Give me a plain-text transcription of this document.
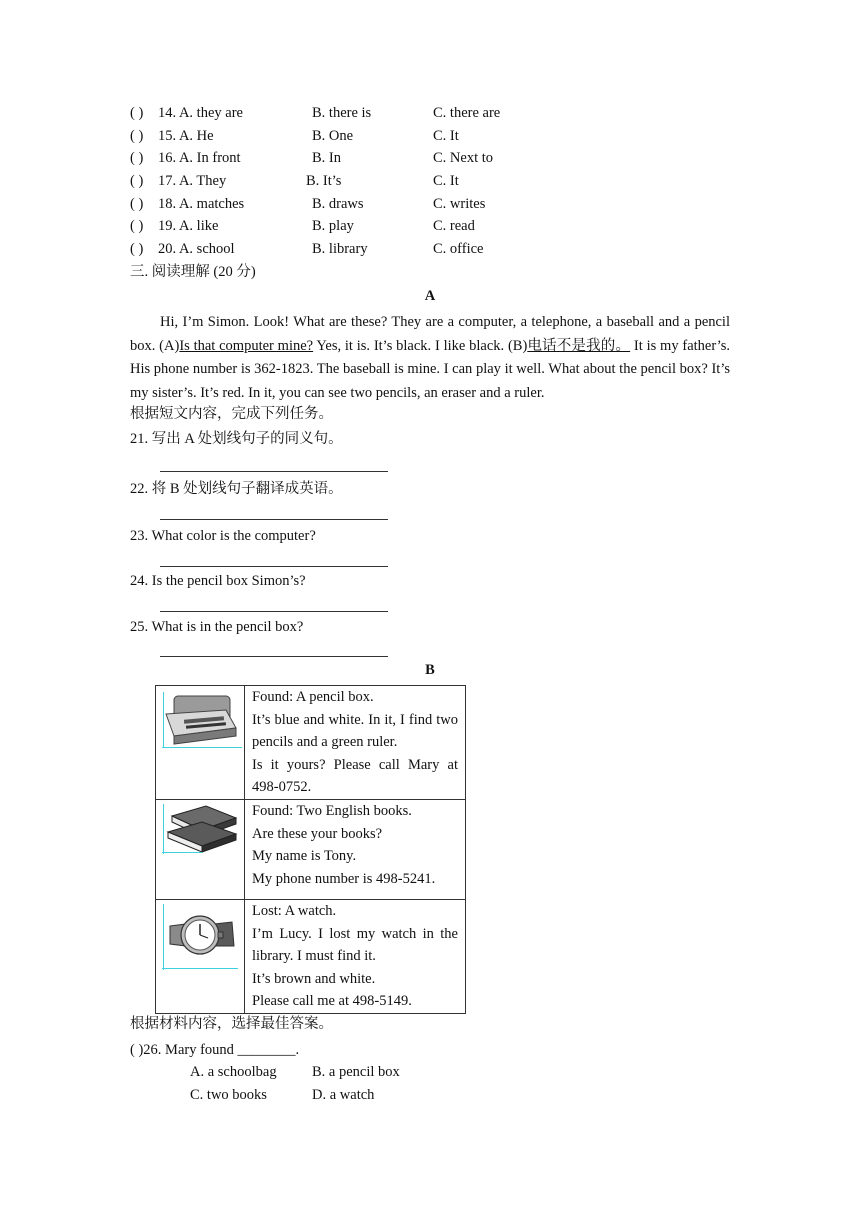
( ) 14. A. they are	B. there is	C. there are
( ) 15. A. He	B. One	C. It
( ) 16. A. In front	B. In	C. Next to
( ) 17. A. They	B. It’s	C. It
( ) 18. A. matches	B. draws	C. writes
( ) 19. A. like	B. play	C. read
( ) 20. A. school	B. library	C. office
三. 阅读理解 (20 分)
A
Hi, I’m Simon. Look! What are these? They are a computer, a telephone, a baseball and a pencil box. (A)Is that computer mine? Yes, it is. It’s black. I like black. (B)电话不是我的。 It is my father’s. His phone number is 362-1823. The baseball is mine. I can play it well. What about the pencil box? It’s my sister’s. It’s red. In it, you can see two pencils, an eraser and a ruler.
根据短文内容，完成下列任务。
21. 写出 A 处划线句子的同义句。
22. 将 B 处划线句子翻译成英语。
23. What color is the computer?
24. Is the pencil box Simon’s?
25. What is in the pencil box?
B

Found: A pencil box.
It’s blue and white. In it, I find two pencils and a green ruler.
Is it yours? Please call Mary at 498-0752.

Found: Two English books.
Are these your books?
My name is Tony.
My phone number is 498-5241.

Lost: A watch.
I’m Lucy. I lost my watch in the library. I must find it.
It’s brown and white.
Please call me at 498-5149.
根据材料内容，选择最佳答案。
( )26. Mary found ________.
A. a schoolbag B. a pencil box
C. two books	D. a watch
